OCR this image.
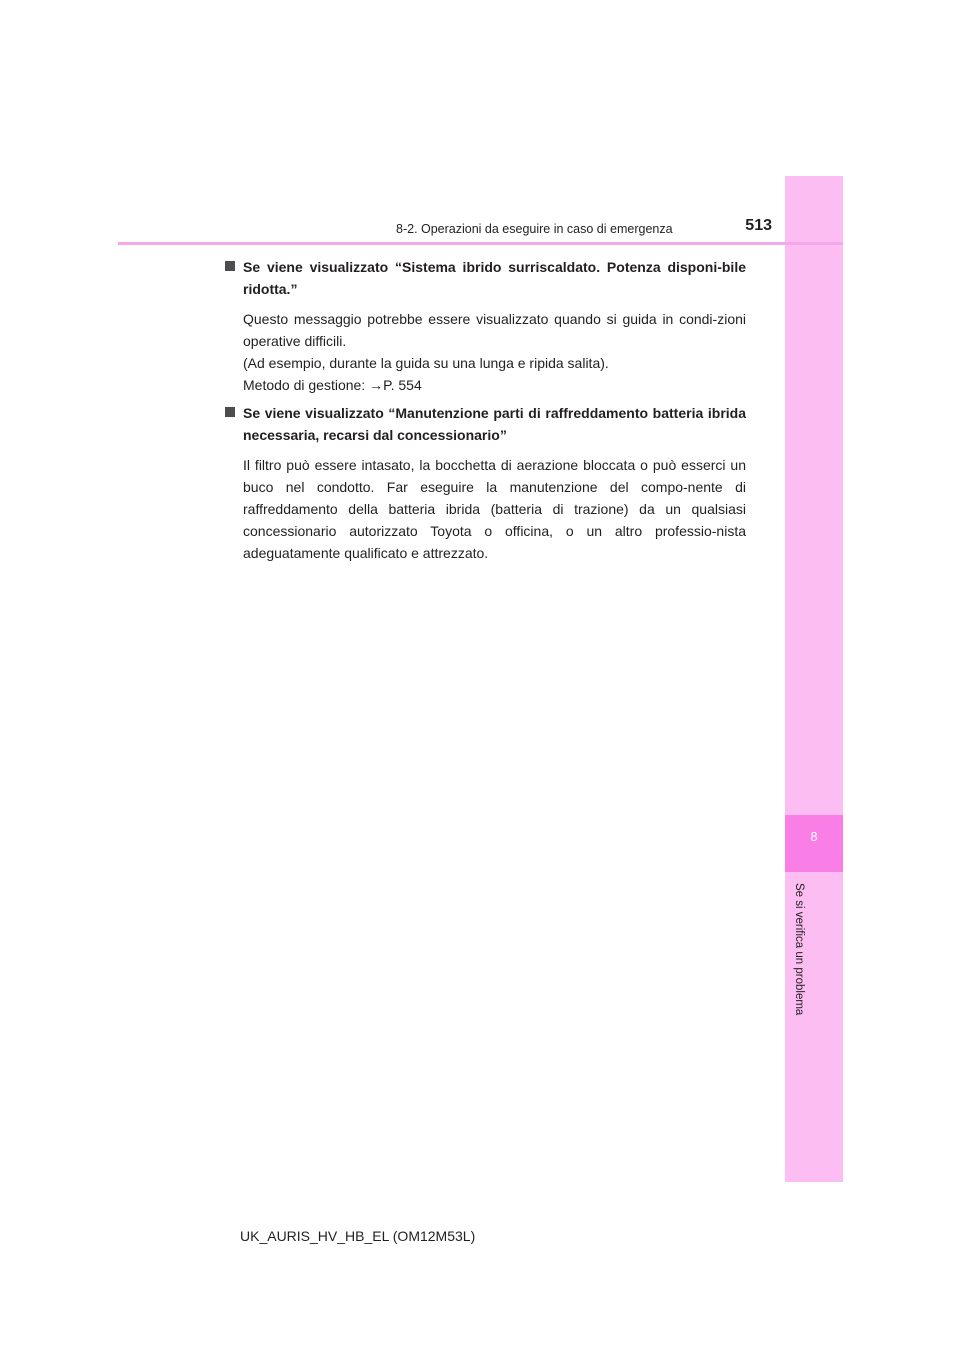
8
Se si verifica un problema
8-2. Operazioni da eseguire in caso di emergenza	513

Se viene visualizzato “Sistema ibrido surriscaldato. Potenza disponi-bile ridotta.”

Questo messaggio potrebbe essere visualizzato quando si guida in condi-zioni operative difficili.
(Ad esempio, durante la guida su una lunga e ripida salita).
Metodo di gestione: →P. 554

Se viene visualizzato “Manutenzione parti di raffreddamento batteria ibrida necessaria, recarsi dal concessionario”

Il filtro può essere intasato, la bocchetta di aerazione bloccata o può esserci un buco nel condotto. Far eseguire la manutenzione del compo-nente di raffreddamento della batteria ibrida (batteria di trazione) da un qualsiasi concessionario autorizzato Toyota o officina, o un altro professio-nista adeguatamente qualificato e attrezzato.
UK_AURIS_HV_HB_EL (OM12M53L)
